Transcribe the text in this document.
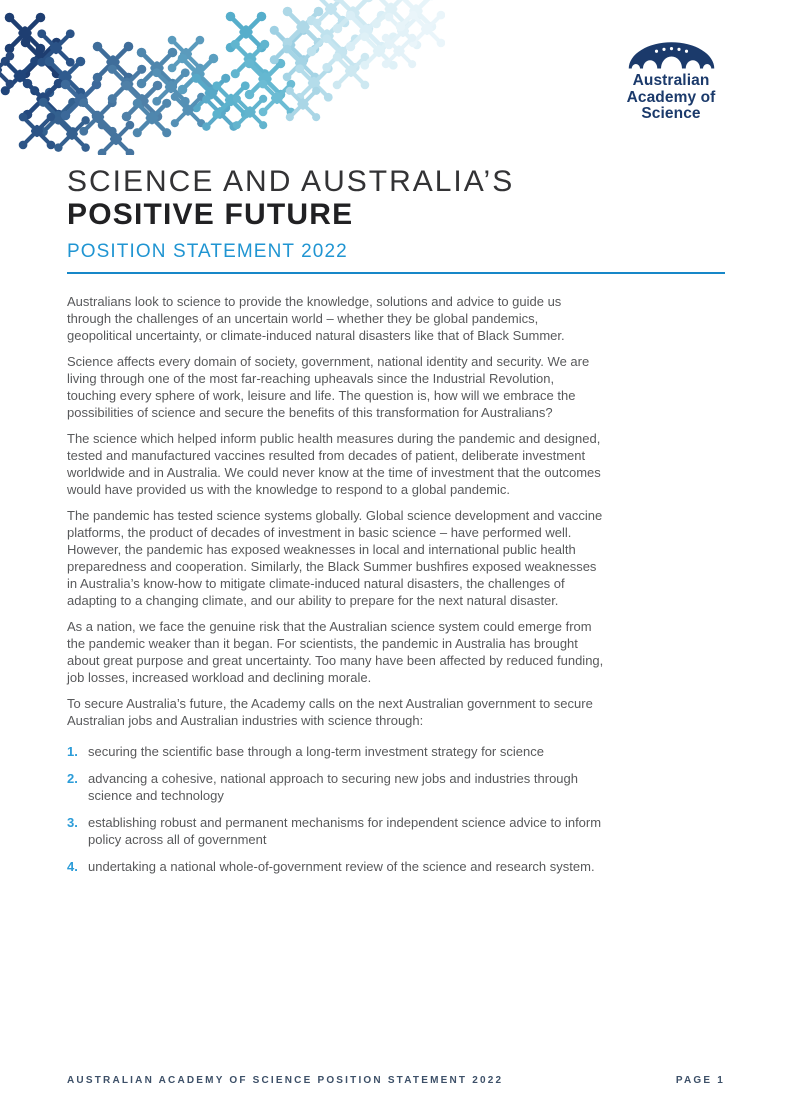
Australian
Academy of
Science
SCIENCE AND AUSTRALIA’S
POSITIVE FUTURE
POSITION STATEMENT 2022

Australians look to science to provide the knowledge, solutions and advice to guide us through the challenges of an uncertain world – whether they be global pandemics, geopolitical uncertainty, or climate-induced natural disasters like that of Black Summer.

Science affects every domain of society, government, national identity and security. We are living through one of the most far-reaching upheavals since the Industrial Revolution, touching every sphere of work, leisure and life. The question is, how will we embrace the possibilities of science and secure the benefits of this transformation for Australians?

The science which helped inform public health measures during the pandemic and designed, tested and manufactured vaccines resulted from decades of patient, deliberate investment worldwide and in Australia. We could never know at the time of investment that the outcomes would have provided us with the knowledge to respond to a global pandemic.

The pandemic has tested science systems globally. Global science development and vaccine platforms, the product of decades of investment in basic science – have performed well. However, the pandemic has exposed weaknesses in local and international public health preparedness and cooperation. Similarly, the Black Summer bushfires exposed weaknesses in Australia’s know-how to mitigate climate-induced natural disasters, the challenges of adapting to a changing climate, and our ability to prepare for the next natural disaster.

As a nation, we face the genuine risk that the Australian science system could emerge from the pandemic weaker than it began. For scientists, the pandemic in Australia has brought about great purpose and great uncertainty. Too many have been affected by reduced funding, job losses, increased workload and declining morale.

To secure Australia’s future, the Academy calls on the next Australian government to secure Australian jobs and Australian industries with science through:

1. securing the scientific base through a long-term investment strategy for science
2. advancing a cohesive, national approach to securing new jobs and industries through science and technology
3. establishing robust and permanent mechanisms for independent science advice to inform policy across all of government
4. undertaking a national whole-of-government review of the science and research system.
AUSTRALIAN ACADEMY OF SCIENCE POSITION STATEMENT 2022	PAGE 1
